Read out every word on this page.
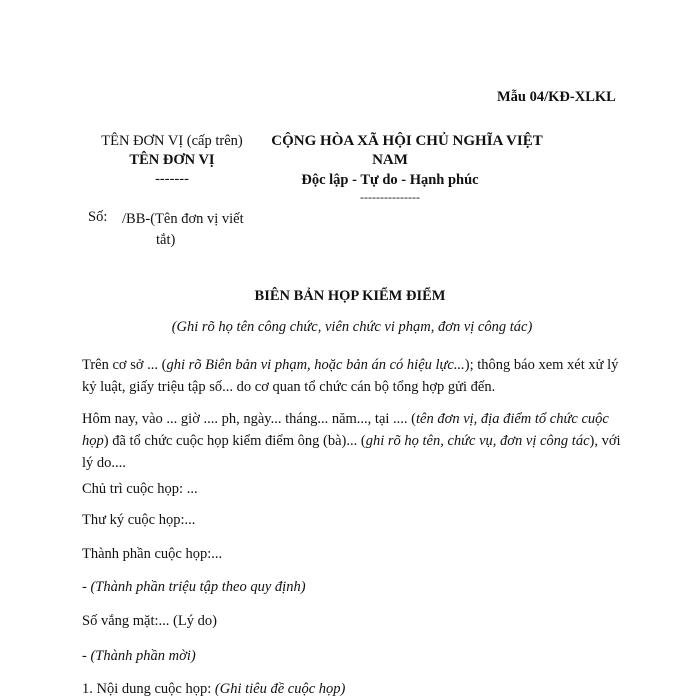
Mẫu 04/KĐ-XLKL
TÊN ĐƠN VỊ (cấp trên)
TÊN ĐƠN VỊ
-------
CỘNG HÒA XÃ HỘI CHỦ NGHĨA VIỆT
NAM
Độc lập - Tự do - Hạnh phúc
---------------
Số: /BB-(Tên đơn vị viết
tắt)
BIÊN BẢN HỌP KIỂM ĐIỂM
(Ghi rõ họ tên công chức, viên chức vi phạm, đơn vị công tác)
Trên cơ sở ... (ghi rõ Biên bản vi phạm, hoặc bản án có hiệu lực...); thông báo xem xét xử lý kỷ luật, giấy triệu tập số... do cơ quan tổ chức cán bộ tổng hợp gửi đến.
Hôm nay, vào ... giờ .... ph, ngày... tháng... năm..., tại .... (tên đơn vị, địa điểm tổ chức cuộc họp) đã tổ chức cuộc họp kiểm điểm ông (bà)... (ghi rõ họ tên, chức vụ, đơn vị công tác), với lý do....
Chủ trì cuộc họp: ...
Thư ký cuộc họp:...
Thành phần cuộc họp:...
- (Thành phần triệu tập theo quy định)
Số vắng mặt:... (Lý do)
- (Thành phần mời)
1. Nội dung cuộc họp: (Ghi tiêu đề cuộc họp)
